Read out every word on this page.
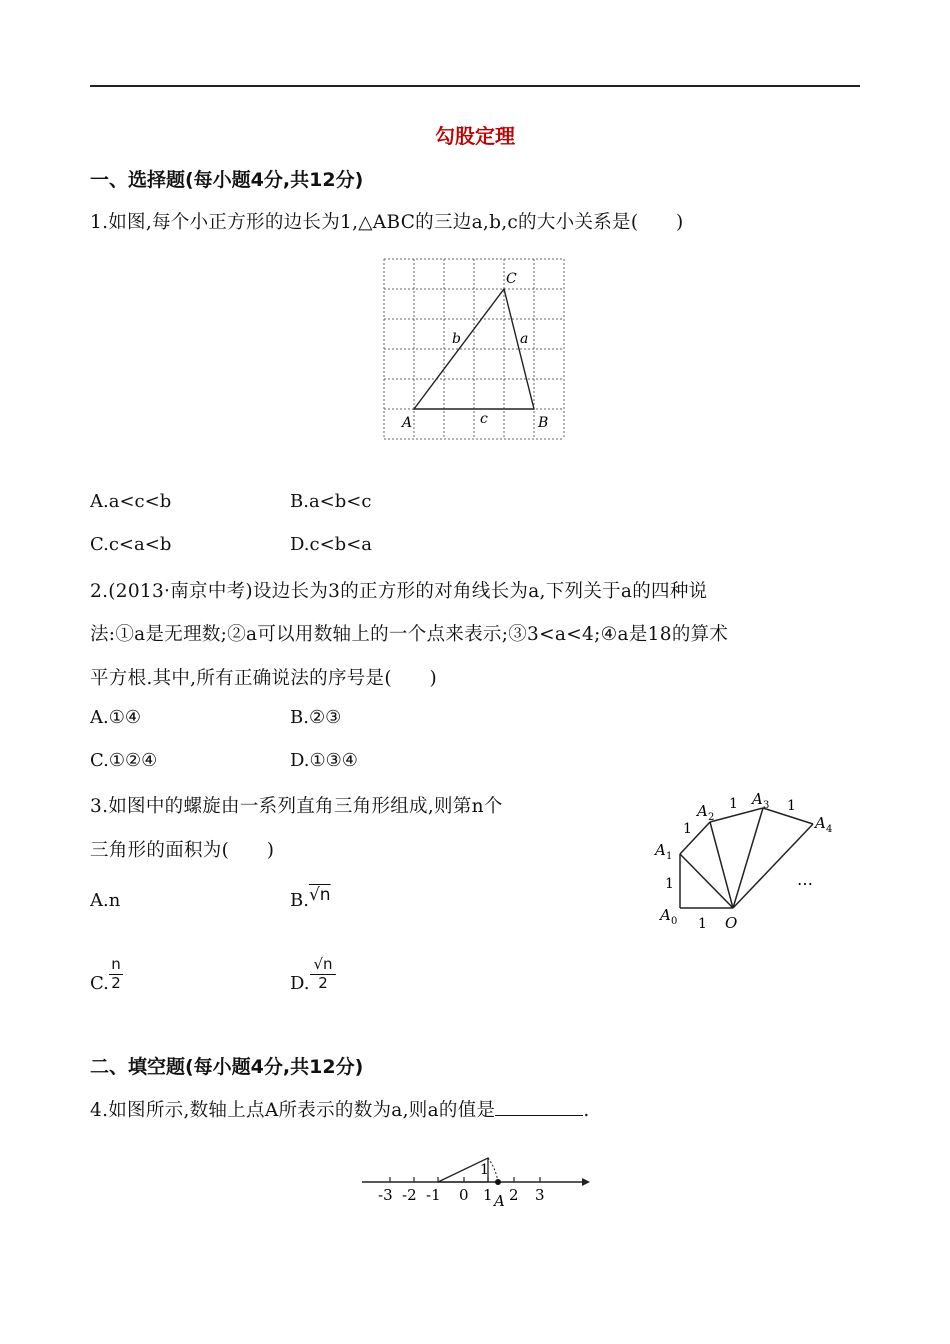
勾股定理
一、选择题(每小题4分,共12分)
1.如图,每个小正方形的边长为1,△ABC的三边a,b,c的大小关系是(　　)
A	B
C
a
b
c
A.a<c<b	B.a<b<c
C.c<a<b	D.c<b<a
2.(2013·南京中考)设边长为3的正方形的对角线长为a,下列关于a的四种说
法:①a是无理数;②a可以用数轴上的一个点来表示;③3<a<4;④a是18的算术
平方根.其中,所有正确说法的序号是(　　)
A.①④	B.②③
C.①②④	D.①③④
3.如图中的螺旋由一系列直角三角形组成,则第n个
三角形的面积为(　　)
A.n	B.√n
C. $\frac{n}{2}$	D. $\frac{√n}{2}$
A 0
A 1
A 2
A 3
A 4
O
1
1
1
1	1
…
二、填空题(每小题4分,共12分)
4.如图所示,数轴上点A所表示的数为a,则a的值是	.
1
-3 -2 -1 0 1 2 3
A
